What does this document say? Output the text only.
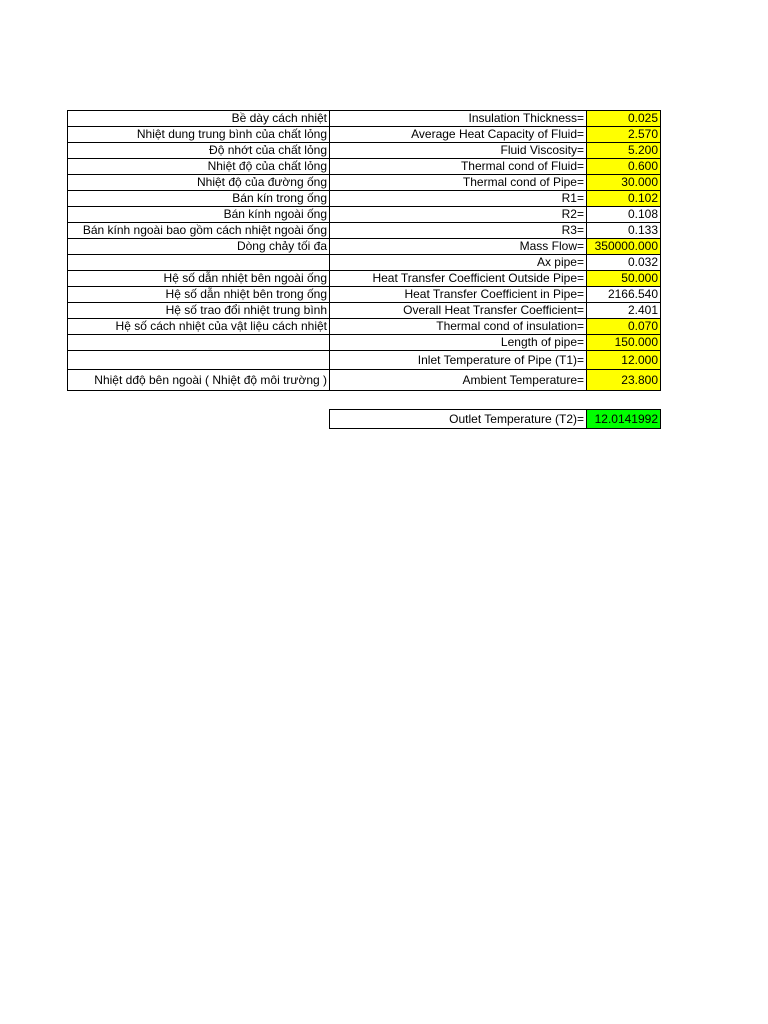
Bề dày cách nhiệt	Insulation Thickness=	0.025
Nhiệt dung trung bình của chất lỏng	Average Heat Capacity of Fluid=	2.570
Độ nhớt của chất lỏng	Fluid Viscosity=	5.200
Nhiệt độ của chất lỏng	Thermal cond of Fluid=	0.600
Nhiệt độ của đường ống	Thermal cond of Pipe=	30.000
Bán kín trong ống	R1=	0.102
Bán kính ngoài ống	R2=	0.108
Bán kính ngoài bao gồm cách nhiệt ngoài ống	R3=	0.133
Dòng chảy tối đa	Mass Flow=	350000.000
	Ax pipe=	0.032
Hệ số dẫn nhiệt bên ngoài ống	Heat Transfer Coefficient Outside Pipe=	50.000
Hệ số dẫn nhiệt bên trong ống	Heat Transfer Coefficient in Pipe=	2166.540
Hệ số trao đổi nhiệt trung bình	Overall Heat Transfer Coefficient=	2.401
Hệ số cách nhiệt của vật liệu cách nhiệt	Thermal cond of insulation=	0.070
	Length of pipe=	150.000
	Inlet Temperature of Pipe (T1)=	12.000
Nhiệt dđộ bên ngoài ( Nhiệt độ môi trường )	Ambient Temperature=	23.800

	Outlet Temperature (T2)=	12.0141992
